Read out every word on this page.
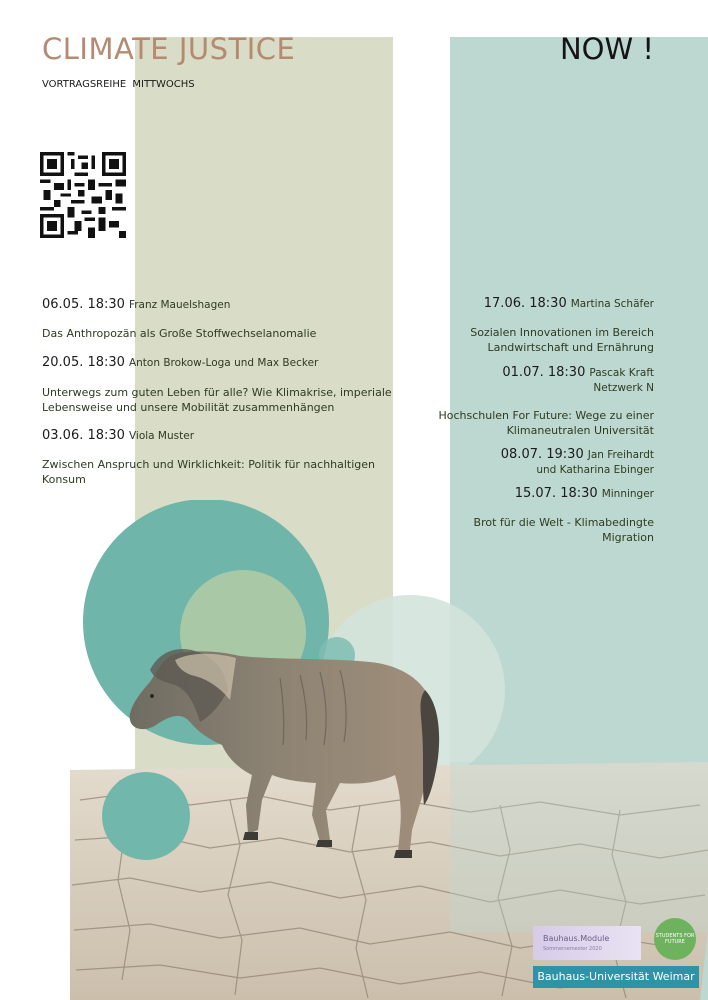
CLIMATE JUSTICE
VORTRAGSREIHE MITTWOCHS
NOW !
06.05. 18:30 Franz Mauelshagen
Das Anthropozän als Große Stoffwechselanomalie
20.05. 18:30 Anton Brokow-Loga und Max Becker
Unterwegs zum guten Leben für alle? Wie Klimakrise, imperiale
Lebensweise und unsere Mobilität zusammenhängen
03.06. 18:30 Viola Muster
Zwischen Anspruch und Wirklichkeit: Politik für nachhaltigen Konsum
17.06. 18:30 Martina Schäfer
Sozialen Innovationen im Bereich
Landwirtschaft und Ernährung
01.07. 18:30 Pascak Kraft
Netzwerk N
Hochschulen For Future: Wege zu einer
Klimaneutralen Universität
08.07. 19:30 Jan Freihardt
und Katharina Ebinger
15.07. 18:30 Minninger
Brot für die Welt - Klimabedingte
Migration
Bauhaus.Module
Sommersemester 2020
STUDENTS FOR FUTURE
Bauhaus-Universität Weimar
